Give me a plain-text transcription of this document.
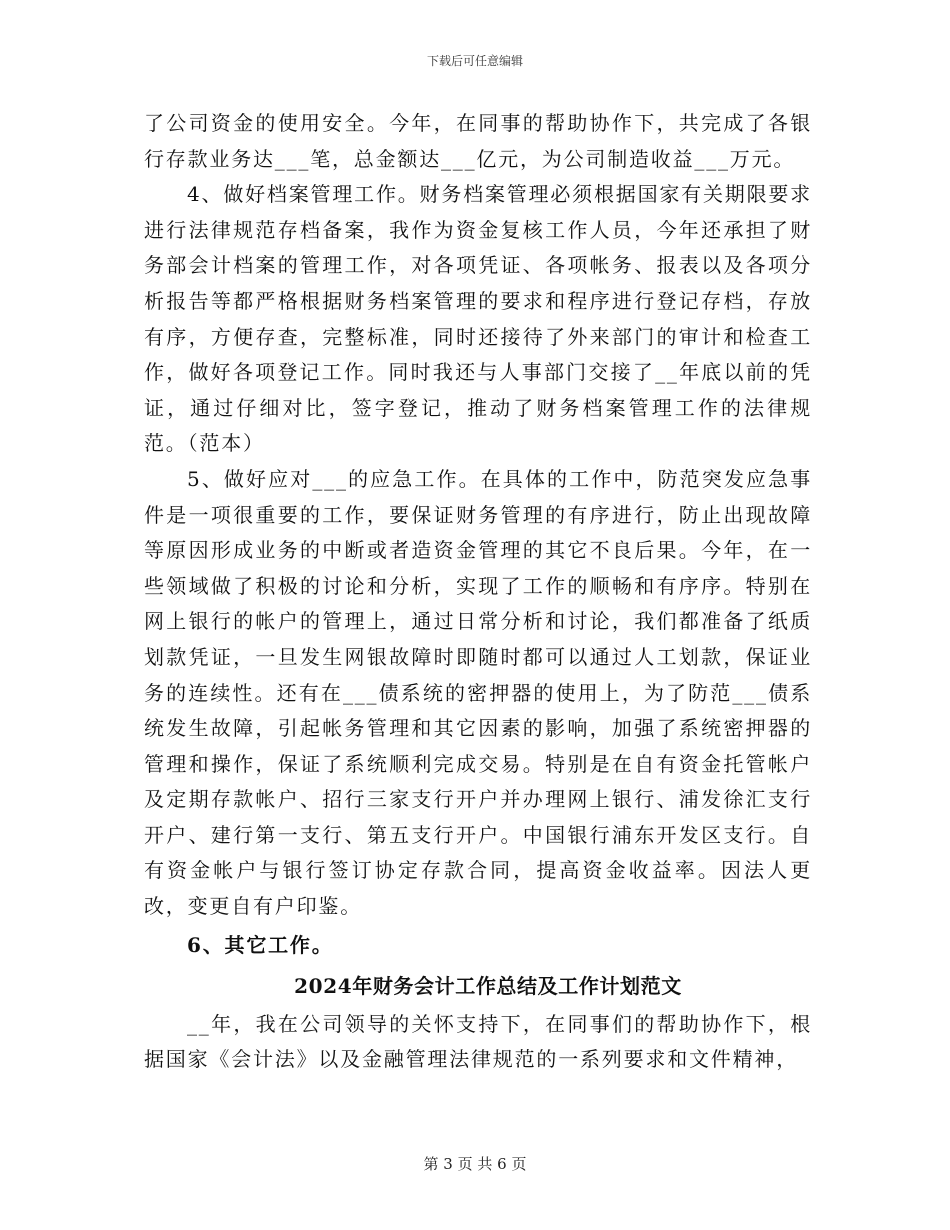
下载后可任意编辑

了公司资金的使用安全。今年，在同事的帮助协作下，共完成了各银行存款业务达___笔，总金额达___亿元，为公司制造收益___万元。

4、做好档案管理工作。财务档案管理必须根据国家有关期限要求进行法律规范存档备案，我作为资金复核工作人员，今年还承担了财务部会计档案的管理工作，对各项凭证、各项帐务、报表以及各项分析报告等都严格根据财务档案管理的要求和程序进行登记存档，存放有序，方便存查，完整标准，同时还接待了外来部门的审计和检查工作，做好各项登记工作。同时我还与人事部门交接了__年底以前的凭证，通过仔细对比，签字登记，推动了财务档案管理工作的法律规范。（范本）

5、做好应对___的应急工作。在具体的工作中，防范突发应急事件是一项很重要的工作，要保证财务管理的有序进行，防止出现故障等原因形成业务的中断或者造资金管理的其它不良后果。今年，在一些领域做了积极的讨论和分析，实现了工作的顺畅和有序序。特别在网上银行的帐户的管理上，通过日常分析和讨论，我们都准备了纸质划款凭证，一旦发生网银故障时即随时都可以通过人工划款，保证业务的连续性。还有在___债系统的密押器的使用上，为了防范___债系统发生故障，引起帐务管理和其它因素的影响，加强了系统密押器的管理和操作，保证了系统顺利完成交易。特别是在自有资金托管帐户及定期存款帐户、招行三家支行开户并办理网上银行、浦发徐汇支行开户、建行第一支行、第五支行开户。中国银行浦东开发区支行。自有资金帐户与银行签订协定存款合同，提高资金收益率。因法人更改，变更自有户印鉴。

6、其它工作。

2024年财务会计工作总结及工作计划范文

__年，我在公司领导的关怀支持下，在同事们的帮助协作下，根据国家《会计法》以及金融管理法律规范的一系列要求和文件精神，

第 3 页 共 6 页
